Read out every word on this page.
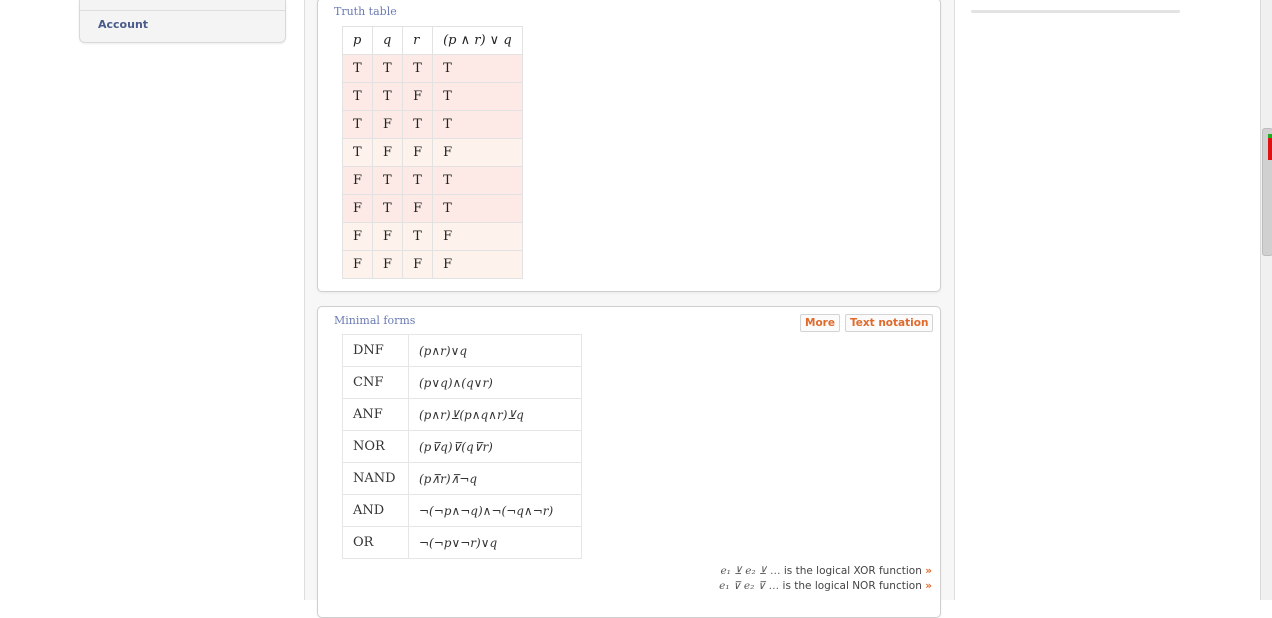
Account
Truth table
p	q	r	(p ∧ r) ∨ q
T	T	T	T
T	T	F	T
T	F	T	T
T	F	F	F
F	T	T	T
F	T	F	T
F	F	T	F
F	F	F	F
Minimal forms	More	Text notation
DNF	(p∧r)∨q
CNF	(p∨q)∧(q∨r)
ANF	(p∧r)⊻(p∧q∧r)⊻q
NOR	(p⊽q)⊽(q⊽r)
NAND	(p⊼r)⊼¬q
AND	¬(¬p∧¬q)∧¬(¬q∧¬r)
OR	¬(¬p∨¬r)∨q
e₁ ⊻ e₂ ⊻ … is the logical XOR function »
e₁ ⊽ e₂ ⊽ … is the logical NOR function »
